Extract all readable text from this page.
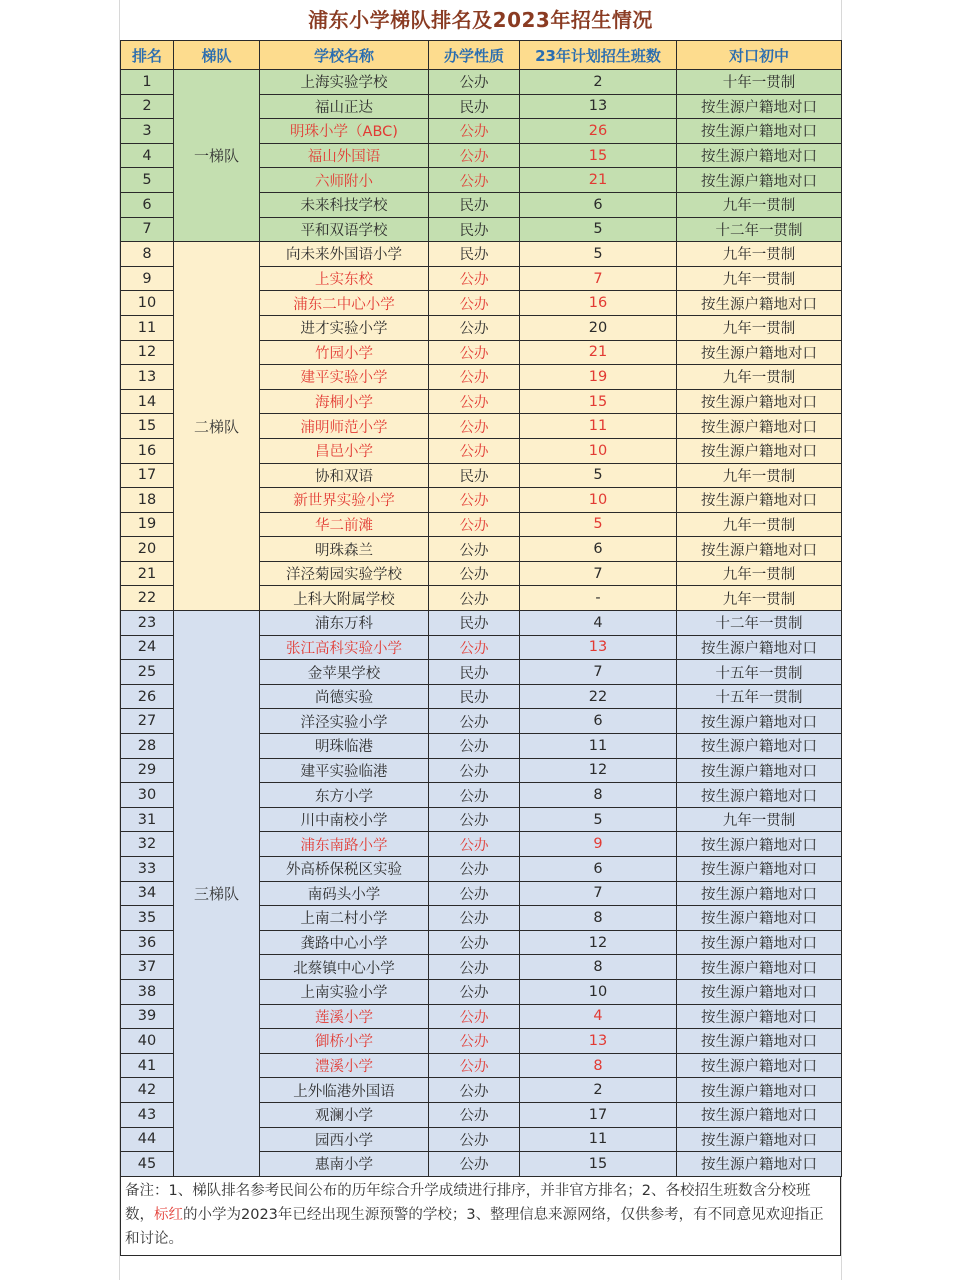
浦东小学梯队排名及2023年招生情况
排名	梯队	学校名称	办学性质	23年计划招生班数	对口初中
1	一梯队	上海实验学校	公办	2	十年一贯制
2		福山正达	民办	13	按生源户籍地对口
3		明珠小学（ABC)	公办	26	按生源户籍地对口
4		福山外国语	公办	15	按生源户籍地对口
5		六师附小	公办	21	按生源户籍地对口
6		未来科技学校	民办	6	九年一贯制
7		平和双语学校	民办	5	十二年一贯制
8	二梯队	向未来外国语小学	民办	5	九年一贯制
9		上实东校	公办	7	九年一贯制
10		浦东二中心小学	公办	16	按生源户籍地对口
11		进才实验小学	公办	20	九年一贯制
12		竹园小学	公办	21	按生源户籍地对口
13		建平实验小学	公办	19	九年一贯制
14		海桐小学	公办	15	按生源户籍地对口
15		浦明师范小学	公办	11	按生源户籍地对口
16		昌邑小学	公办	10	按生源户籍地对口
17		协和双语	民办	5	九年一贯制
18		新世界实验小学	公办	10	按生源户籍地对口
19		华二前滩	公办	5	九年一贯制
20		明珠森兰	公办	6	按生源户籍地对口
21		洋泾菊园实验学校	公办	7	九年一贯制
22		上科大附属学校	公办	-	九年一贯制
23	三梯队	浦东万科	民办	4	十二年一贯制
24		张江高科实验小学	公办	13	按生源户籍地对口
25		金苹果学校	民办	7	十五年一贯制
26		尚德实验	民办	22	十五年一贯制
27		洋泾实验小学	公办	6	按生源户籍地对口
28		明珠临港	公办	11	按生源户籍地对口
29		建平实验临港	公办	12	按生源户籍地对口
30		东方小学	公办	8	按生源户籍地对口
31		川中南校小学	公办	5	九年一贯制
32		浦东南路小学	公办	9	按生源户籍地对口
33		外高桥保税区实验	公办	6	按生源户籍地对口
34		南码头小学	公办	7	按生源户籍地对口
35		上南二村小学	公办	8	按生源户籍地对口
36		龚路中心小学	公办	12	按生源户籍地对口
37		北蔡镇中心小学	公办	8	按生源户籍地对口
38		上南实验小学	公办	10	按生源户籍地对口
39		莲溪小学	公办	4	按生源户籍地对口
40		御桥小学	公办	13	按生源户籍地对口
41		澧溪小学	公办	8	按生源户籍地对口
42		上外临港外国语	公办	2	按生源户籍地对口
43		观澜小学	公办	17	按生源户籍地对口
44		园西小学	公办	11	按生源户籍地对口
45		惠南小学	公办	15	按生源户籍地对口
备注：1、梯队排名参考民间公布的历年综合升学成绩进行排序，并非官方排名；2、各校招生班数含分校班数，标红的小学为2023年已经出现生源预警的学校；3、整理信息来源网络，仅供参考，有不同意见欢迎指正和讨论。
